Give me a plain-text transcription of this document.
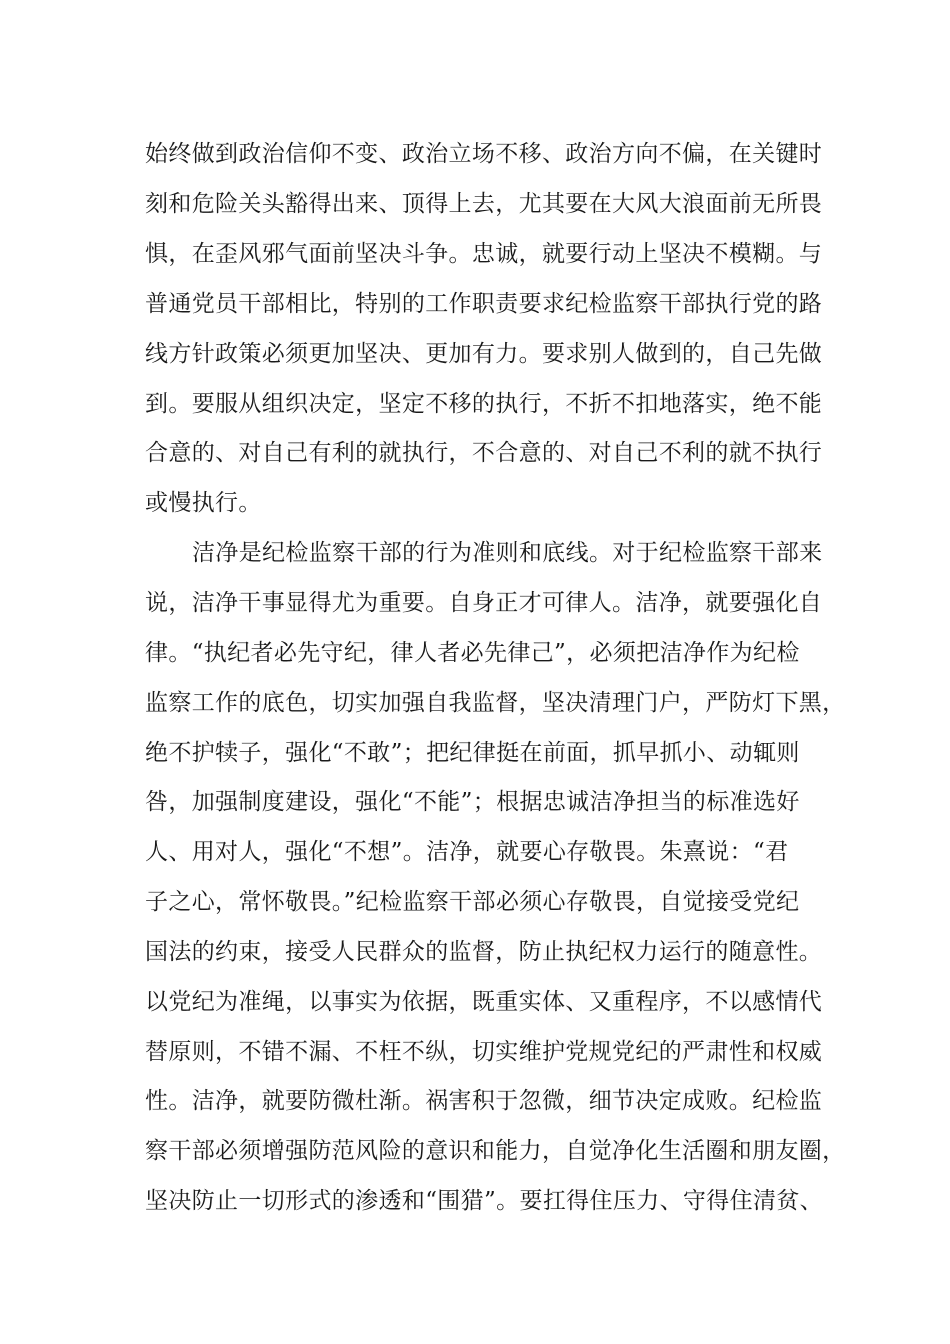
始终做到政治信仰不变、政治立场不移、政治方向不偏，在关键时
刻和危险关头豁得出来、顶得上去，尤其要在大风大浪面前无所畏
惧，在歪风邪气面前坚决斗争。忠诚，就要行动上坚决不模糊。与
普通党员干部相比，特别的工作职责要求纪检监察干部执行党的路
线方针政策必须更加坚决、更加有力。要求别人做到的，自己先做
到。要服从组织决定，坚定不移的执行，不折不扣地落实，绝不能
合意的、对自己有利的就执行，不合意的、对自己不利的就不执行
或慢执行。
洁净是纪检监察干部的行为准则和底线。对于纪检监察干部来
说，洁净干事显得尤为重要。自身正才可律人。洁净，就要强化自
律。“执纪者必先守纪，律人者必先律己”，必须把洁净作为纪检
监察工作的底色，切实加强自我监督，坚决清理门户，严防灯下黑，
绝不护犊子，强化“不敢”；把纪律挺在前面，抓早抓小、动辄则
咎，加强制度建设，强化“不能”；根据忠诚洁净担当的标准选好
人、用对人，强化“不想”。洁净，就要心存敬畏。朱熹说：“君
子之心，常怀敬畏。”纪检监察干部必须心存敬畏，自觉接受党纪
国法的约束，接受人民群众的监督，防止执纪权力运行的随意性。
以党纪为准绳，以事实为依据，既重实体、又重程序，不以感情代
替原则，不错不漏、不枉不纵，切实维护党规党纪的严肃性和权威
性。洁净，就要防微杜渐。祸害积于忽微，细节决定成败。纪检监
察干部必须增强防范风险的意识和能力，自觉净化生活圈和朋友圈，
坚决防止一切形式的渗透和“围猎”。要扛得住压力、守得住清贫、
